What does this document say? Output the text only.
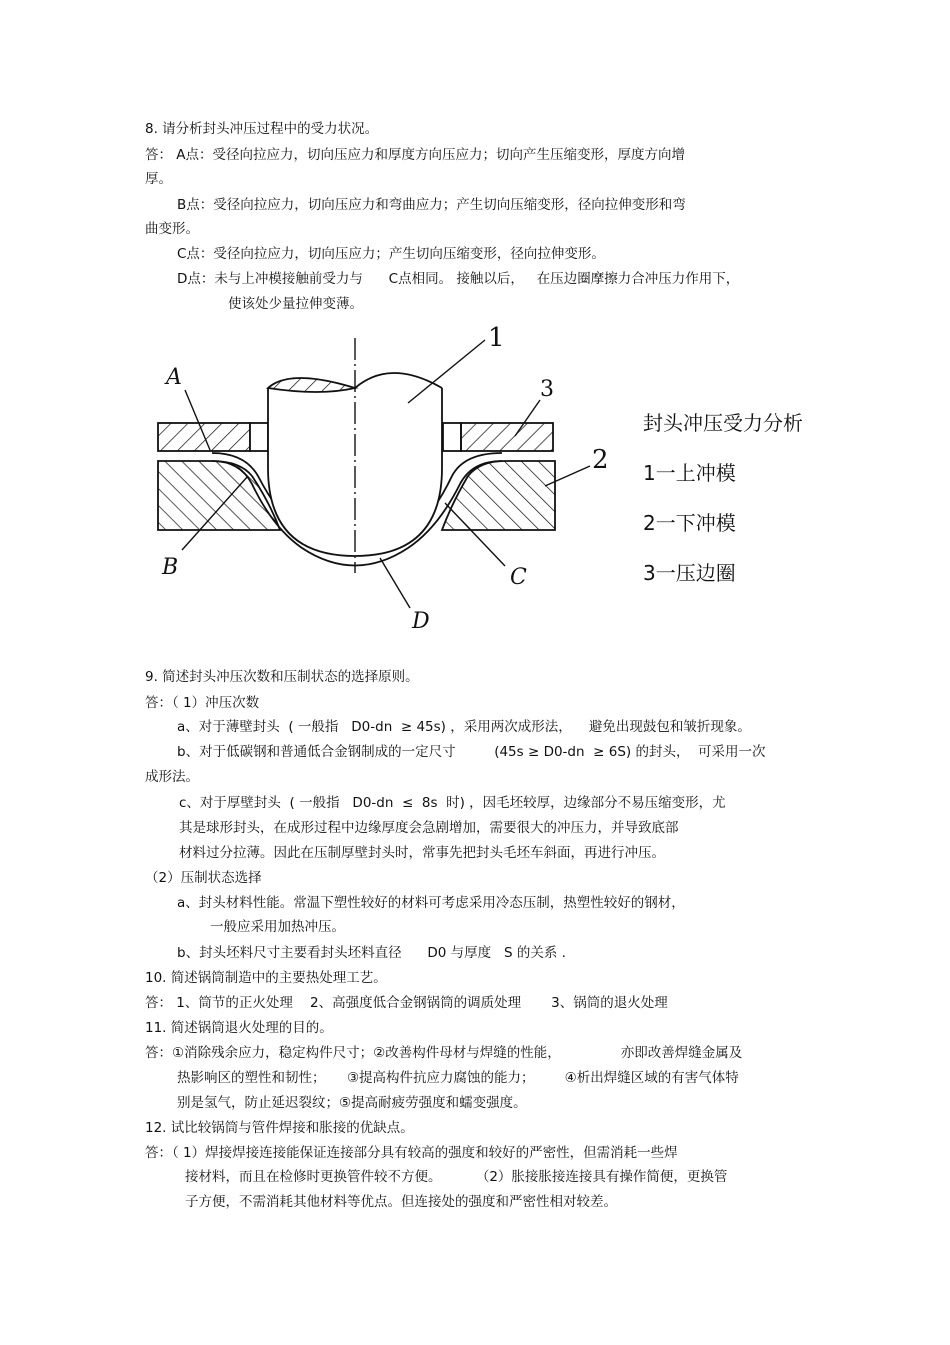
8. 请分析封头冲压过程中的受力状况。
答： A点：受径向拉应力，切向压应力和厚度方向压应力；切向产生压缩变形，厚度方向增
厚。
B点：受径向拉应力，切向压应力和弯曲应力；产生切向压缩变形，径向拉伸变形和弯
曲变形。
C点：受径向拉应力，切向压应力；产生切向压缩变形，径向拉伸变形。
D点：未与上冲模接触前受力与      C点相同。 接触以后，   在压边圈摩擦力合冲压力作用下，
使该处少量拉伸变薄。
1
2
3
A
B	C
D
封头冲压受力分析
1一上冲模
2一下冲模
3一压边圈
9. 简述封头冲压次数和压制状态的选择原则。
答：（ 1）冲压次数
a、对于薄壁封头  ( 一般指   D0-dn  ≥ 45s) ，采用两次成形法，    避免出现鼓包和皱折现象。
b、对于低碳钢和普通低合金钢制成的一定尺寸         (45s ≥ D0-dn  ≥ 6S) 的封头，  可采用一次
成形法。
c、对于厚壁封头  ( 一般指   D0-dn  ≤  8s  时) ，因毛坯较厚，边缘部分不易压缩变形，尤
其是球形封头，在成形过程中边缘厚度会急剧增加，需要很大的冲压力，并导致底部
材料过分拉薄。因此在压制厚壁封头时，常事先把封头毛坯车斜面，再进行冲压。
（2）压制状态选择
a、封头材料性能。常温下塑性较好的材料可考虑采用冷态压制，热塑性较好的钢材，
一般应采用加热冲压。
b、封头坯料尺寸主要看封头坯料直径      D0 与厚度   S 的关系 .
10. 简述锅筒制造中的主要热处理工艺。
答： 1、筒节的正火处理    2、高强度低合金钢锅筒的调质处理       3、锅筒的退火处理
11. 简述锅筒退火处理的目的。
答：①消除残余应力，稳定构件尺寸；②改善构件母材与焊缝的性能，              亦即改善焊缝金属及
热影响区的塑性和韧性；     ③提高构件抗应力腐蚀的能力；       ④析出焊缝区域的有害气体特
别是氢气，防止延迟裂纹；⑤提高耐疲劳强度和蠕变强度。
12. 试比较锅筒与管件焊接和胀接的优缺点。
答：（ 1）焊接焊接连接能保证连接部分具有较高的强度和较好的严密性，但需消耗一些焊
接材料，而且在检修时更换管件较不方便。        （2）胀接胀接连接具有操作简便，更换管
子方便，不需消耗其他材料等优点。但连接处的强度和严密性相对较差。
